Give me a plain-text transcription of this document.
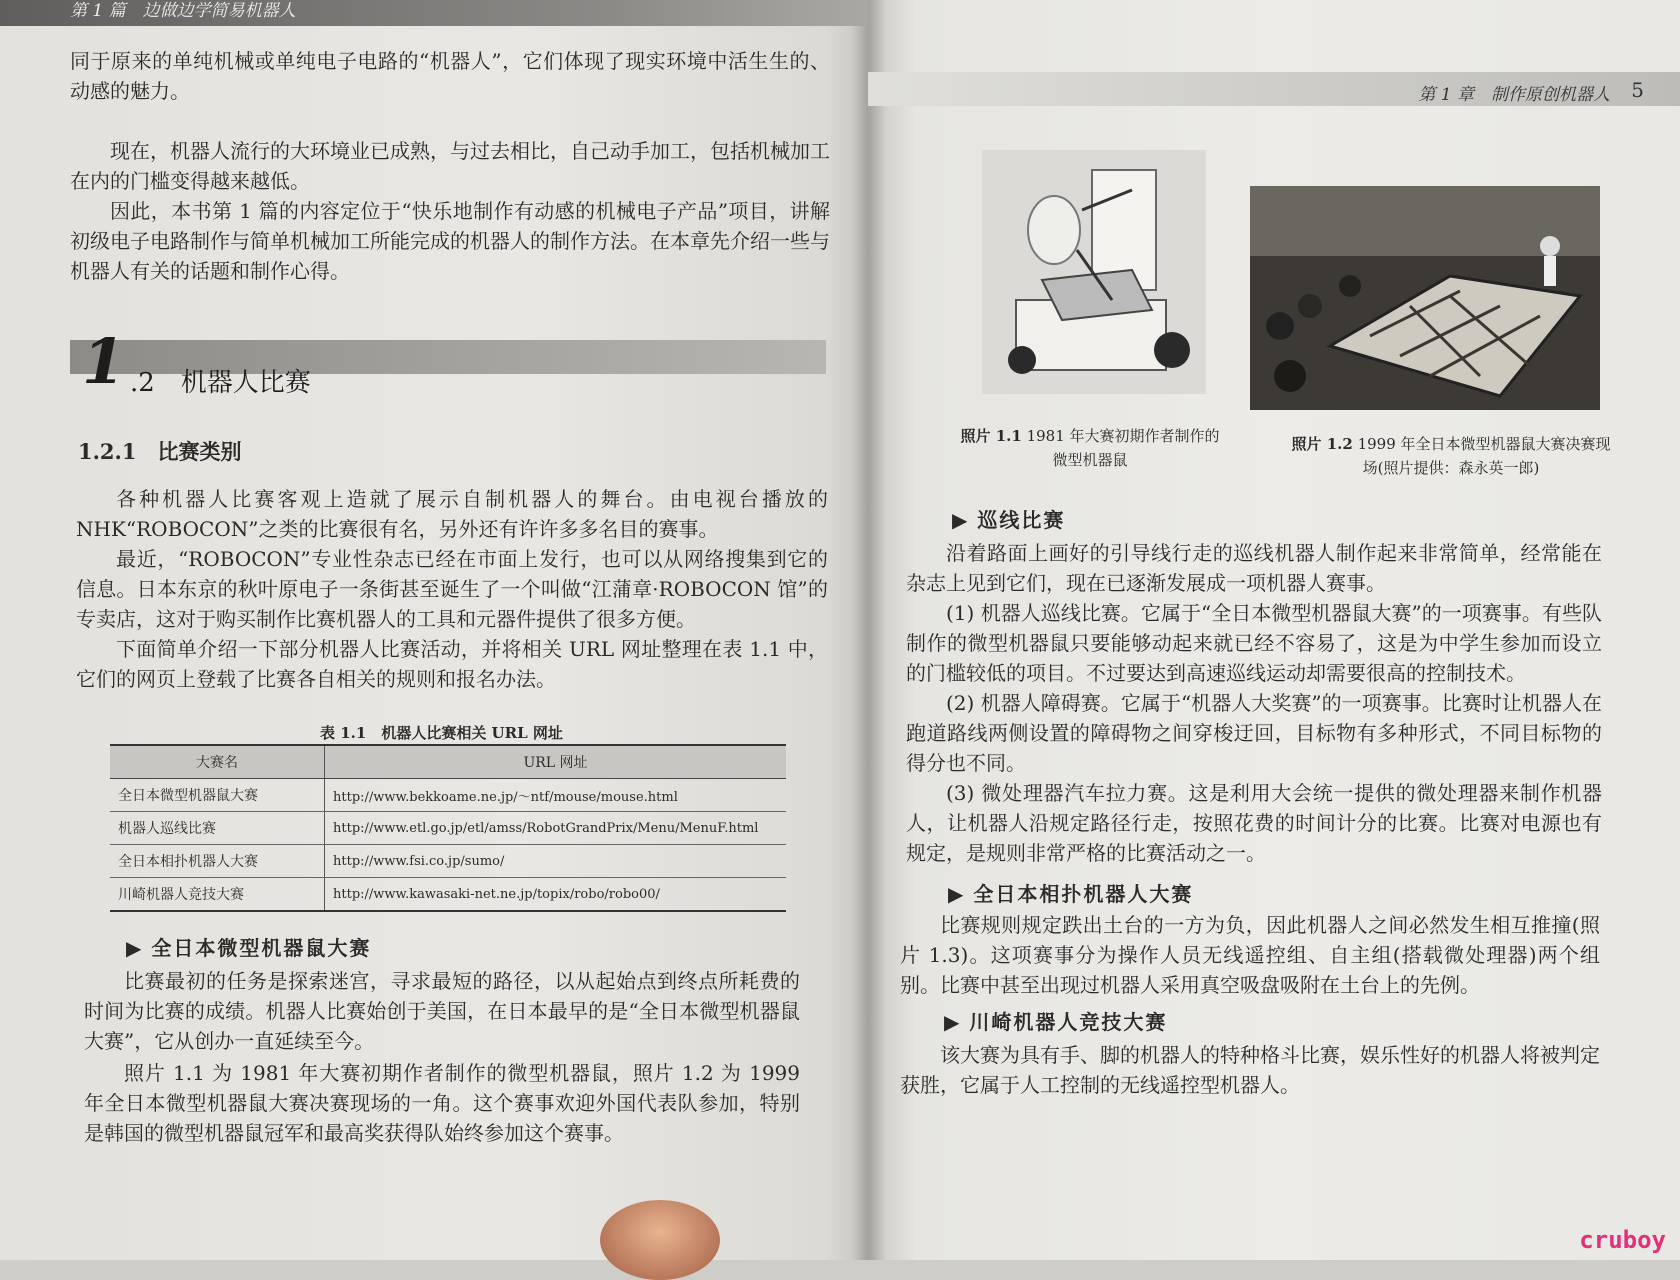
第 1 篇　边做边学简易机器人

同于原来的单纯机械或单纯电子电路的“机器人”，它们体现了现实环境中活生生的、动感的魅力。

现在，机器人流行的大环境业已成熟，与过去相比，自己动手加工，包括机械加工在内的门槛变得越来越低。

因此，本书第 1 篇的内容定位于“快乐地制作有动感的机械电子产品”项目，讲解初级电子电路制作与简单机械加工所能完成的机器人的制作方法。在本章先介绍一些与机器人有关的话题和制作心得。

1 .2　机器人比赛
1.2.1　比赛类别

各种机器人比赛客观上造就了展示自制机器人的舞台。由电视台播放的 NHK“ROBOCON”之类的比赛很有名，另外还有许许多多名目的赛事。

最近，“ROBOCON”专业性杂志已经在市面上发行，也可以从网络搜集到它的信息。日本东京的秋叶原电子一条街甚至诞生了一个叫做“江蒲章·ROBOCON 馆”的专卖店，这对于购买制作比赛机器人的工具和元器件提供了很多方便。

下面简单介绍一下部分机器人比赛活动，并将相关 URL 网址整理在表 1.1 中，它们的网页上登载了比赛各自相关的规则和报名办法。

表 1.1　机器人比赛相关 URL 网址
大赛名	URL 网址
全日本微型机器鼠大赛	http://www.bekkoame.ne.jp/～ntf/mouse/mouse.html
机器人巡线比赛	http://www.etl.go.jp/etl/amss/RobotGrandPrix/Menu/MenuF.html
全日本相扑机器人大赛	http://www.fsi.co.jp/sumo/
川崎机器人竞技大赛	http://www.kawasaki-net.ne.jp/topix/robo/robo00/
▶ 全日本微型机器鼠大赛

比赛最初的任务是探索迷宫，寻求最短的路径，以从起始点到终点所耗费的时间为比赛的成绩。机器人比赛始创于美国，在日本最早的是“全日本微型机器鼠大赛”，它从创办一直延续至今。

照片 1.1 为 1981 年大赛初期作者制作的微型机器鼠，照片 1.2 为 1999 年全日本微型机器鼠大赛决赛现场的一角。这个赛事欢迎外国代表队参加，特别是韩国的微型机器鼠冠军和最高奖获得队始终参加这个赛事。

第 1 章　制作原创机器人 5
照片 1.1 1981 年大赛初期作者制作的微型机器鼠
照片 1.2 1999 年全日本微型机器鼠大赛决赛现场(照片提供：森永英一郎)
▶ 巡线比赛

沿着路面上画好的引导线行走的巡线机器人制作起来非常简单，经常能在杂志上见到它们，现在已逐渐发展成一项机器人赛事。

(1) 机器人巡线比赛。它属于“全日本微型机器鼠大赛”的一项赛事。有些队制作的微型机器鼠只要能够动起来就已经不容易了，这是为中学生参加而设立的门槛较低的项目。不过要达到高速巡线运动却需要很高的控制技术。

(2) 机器人障碍赛。它属于“机器人大奖赛”的一项赛事。比赛时让机器人在跑道路线两侧设置的障碍物之间穿梭迂回，目标物有多种形式，不同目标物的得分也不同。

(3) 微处理器汽车拉力赛。这是利用大会统一提供的微处理器来制作机器人，让机器人沿规定路径行走，按照花费的时间计分的比赛。比赛对电源也有规定，是规则非常严格的比赛活动之一。

▶ 全日本相扑机器人大赛

比赛规则规定跌出土台的一方为负，因此机器人之间必然发生相互推撞(照片 1.3)。这项赛事分为操作人员无线遥控组、自主组(搭载微处理器)两个组别。比赛中甚至出现过机器人采用真空吸盘吸附在土台上的先例。

▶ 川崎机器人竞技大赛

该大赛为具有手、脚的机器人的特种格斗比赛，娱乐性好的机器人将被判定获胜，它属于人工控制的无线遥控型机器人。

cruboy
